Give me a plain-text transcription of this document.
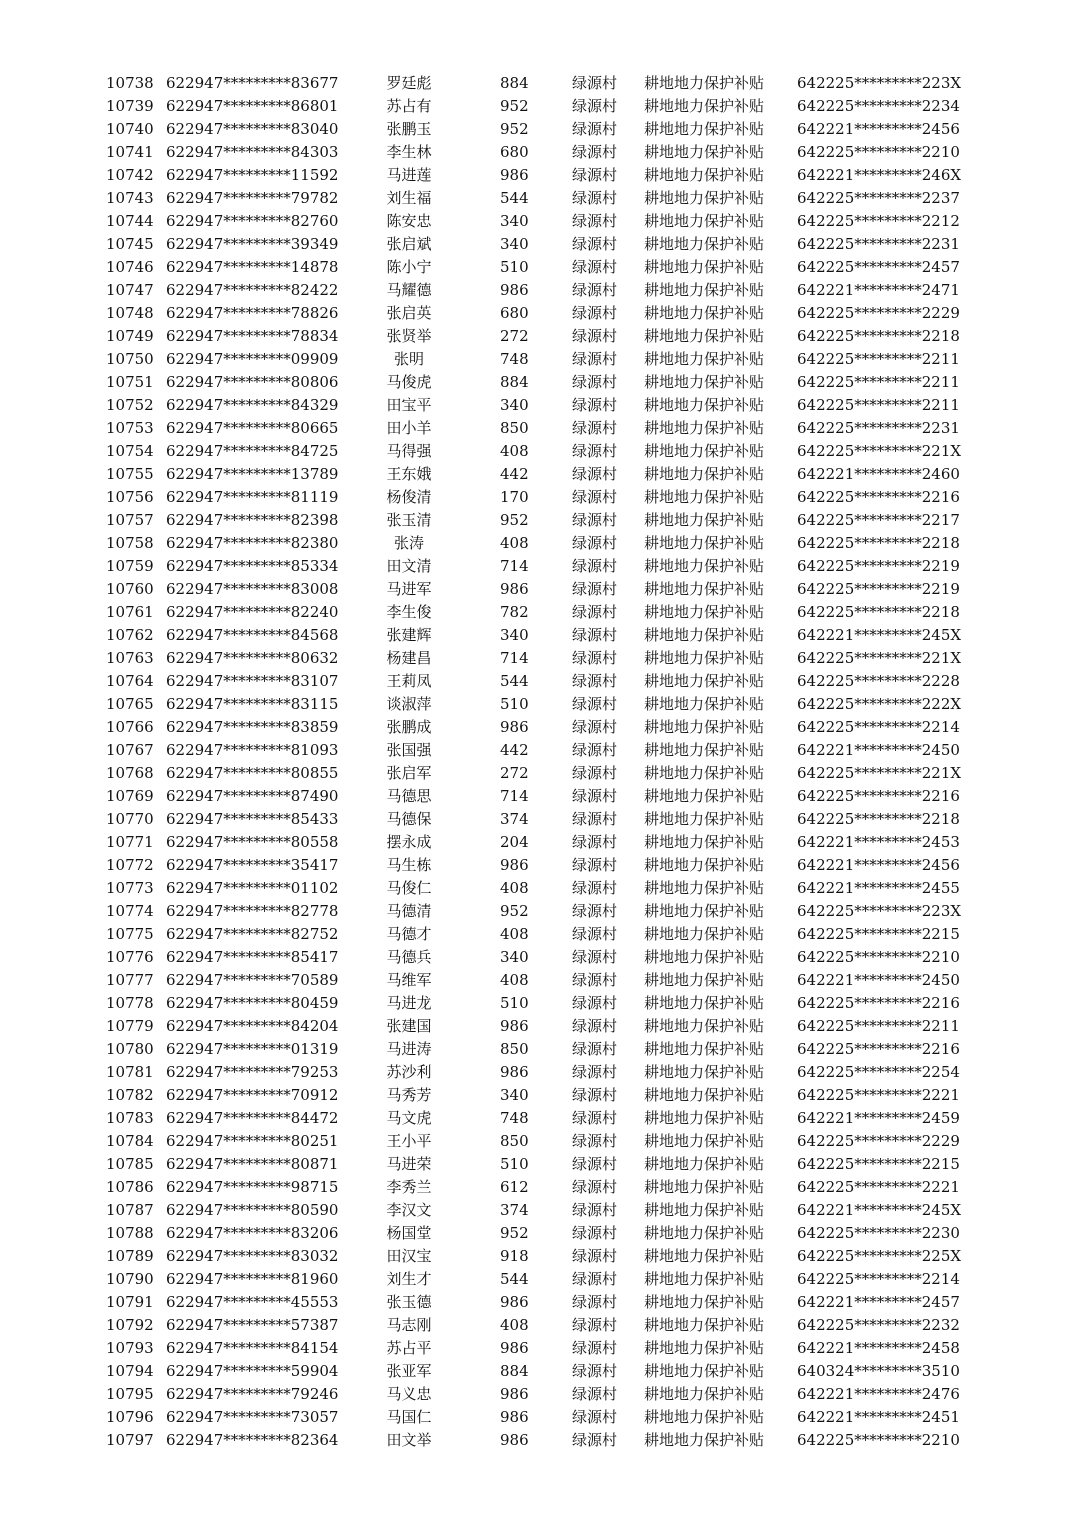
10738 622947*********83677	罗廷彪	884	绿源村 耕地地力保护补贴 642225*********223X
10739 622947*********86801	苏占有	952	绿源村 耕地地力保护补贴 642225*********2234
10740 622947*********83040	张鹏玉	952	绿源村 耕地地力保护补贴 642221*********2456
10741 622947*********84303	李生林	680	绿源村 耕地地力保护补贴 642225*********2210
10742 622947*********11592	马进莲	986	绿源村 耕地地力保护补贴 642221*********246X
10743 622947*********79782	刘生福	544	绿源村 耕地地力保护补贴 642225*********2237
10744 622947*********82760	陈安忠	340	绿源村 耕地地力保护补贴 642225*********2212
10745 622947*********39349	张启斌	340	绿源村 耕地地力保护补贴 642225*********2231
10746 622947*********14878	陈小宁	510	绿源村 耕地地力保护补贴 642225*********2457
10747 622947*********82422	马耀德	986	绿源村 耕地地力保护补贴 642221*********2471
10748 622947*********78826	张启英	680	绿源村 耕地地力保护补贴 642225*********2229
10749 622947*********78834	张贤举	272	绿源村 耕地地力保护补贴 642225*********2218
10750 622947*********09909	张明	748	绿源村 耕地地力保护补贴 642225*********2211
10751 622947*********80806	马俊虎	884	绿源村 耕地地力保护补贴 642225*********2211
10752 622947*********84329	田宝平	340	绿源村 耕地地力保护补贴 642225*********2211
10753 622947*********80665	田小羊	850	绿源村 耕地地力保护补贴 642225*********2231
10754 622947*********84725	马得强	408	绿源村 耕地地力保护补贴 642225*********221X
10755 622947*********13789	王东娥	442	绿源村 耕地地力保护补贴 642221*********2460
10756 622947*********81119	杨俊清	170	绿源村 耕地地力保护补贴 642225*********2216
10757 622947*********82398	张玉清	952	绿源村 耕地地力保护补贴 642225*********2217
10758 622947*********82380	张涛	408	绿源村 耕地地力保护补贴 642225*********2218
10759 622947*********85334	田文清	714	绿源村 耕地地力保护补贴 642225*********2219
10760 622947*********83008	马进军	986	绿源村 耕地地力保护补贴 642225*********2219
10761 622947*********82240	李生俊	782	绿源村 耕地地力保护补贴 642225*********2218
10762 622947*********84568	张建辉	340	绿源村 耕地地力保护补贴 642221*********245X
10763 622947*********80632	杨建昌	714	绿源村 耕地地力保护补贴 642225*********221X
10764 622947*********83107	王莉凤	544	绿源村 耕地地力保护补贴 642225*********2228
10765 622947*********83115	谈淑萍	510	绿源村 耕地地力保护补贴 642225*********222X
10766 622947*********83859	张鹏成	986	绿源村 耕地地力保护补贴 642225*********2214
10767 622947*********81093	张国强	442	绿源村 耕地地力保护补贴 642221*********2450
10768 622947*********80855	张启军	272	绿源村 耕地地力保护补贴 642225*********221X
10769 622947*********87490	马德思	714	绿源村 耕地地力保护补贴 642225*********2216
10770 622947*********85433	马德保	374	绿源村 耕地地力保护补贴 642225*********2218
10771 622947*********80558	摆永成	204	绿源村 耕地地力保护补贴 642221*********2453
10772 622947*********35417	马生栋	986	绿源村 耕地地力保护补贴 642221*********2456
10773 622947*********01102	马俊仁	408	绿源村 耕地地力保护补贴 642221*********2455
10774 622947*********82778	马德清	952	绿源村 耕地地力保护补贴 642225*********223X
10775 622947*********82752	马德才	408	绿源村 耕地地力保护补贴 642225*********2215
10776 622947*********85417	马德兵	340	绿源村 耕地地力保护补贴 642225*********2210
10777 622947*********70589	马维军	408	绿源村 耕地地力保护补贴 642221*********2450
10778 622947*********80459	马进龙	510	绿源村 耕地地力保护补贴 642225*********2216
10779 622947*********84204	张建国	986	绿源村 耕地地力保护补贴 642225*********2211
10780 622947*********01319	马进涛	850	绿源村 耕地地力保护补贴 642225*********2216
10781 622947*********79253	苏沙利	986	绿源村 耕地地力保护补贴 642225*********2254
10782 622947*********70912	马秀芳	340	绿源村 耕地地力保护补贴 642225*********2221
10783 622947*********84472	马文虎	748	绿源村 耕地地力保护补贴 642221*********2459
10784 622947*********80251	王小平	850	绿源村 耕地地力保护补贴 642225*********2229
10785 622947*********80871	马进荣	510	绿源村 耕地地力保护补贴 642225*********2215
10786 622947*********98715	李秀兰	612	绿源村 耕地地力保护补贴 642225*********2221
10787 622947*********80590	李汉文	374	绿源村 耕地地力保护补贴 642221*********245X
10788 622947*********83206	杨国堂	952	绿源村 耕地地力保护补贴 642225*********2230
10789 622947*********83032	田汉宝	918	绿源村 耕地地力保护补贴 642225*********225X
10790 622947*********81960	刘生才	544	绿源村 耕地地力保护补贴 642225*********2214
10791 622947*********45553	张玉德	986	绿源村 耕地地力保护补贴 642221*********2457
10792 622947*********57387	马志刚	408	绿源村 耕地地力保护补贴 642225*********2232
10793 622947*********84154	苏占平	986	绿源村 耕地地力保护补贴 642221*********2458
10794 622947*********59904	张亚军	884	绿源村 耕地地力保护补贴 640324*********3510
10795 622947*********79246	马义忠	986	绿源村 耕地地力保护补贴 642221*********2476
10796 622947*********73057	马国仁	986	绿源村 耕地地力保护补贴 642221*********2451
10797 622947*********82364	田文举	986	绿源村 耕地地力保护补贴 642225*********2210
